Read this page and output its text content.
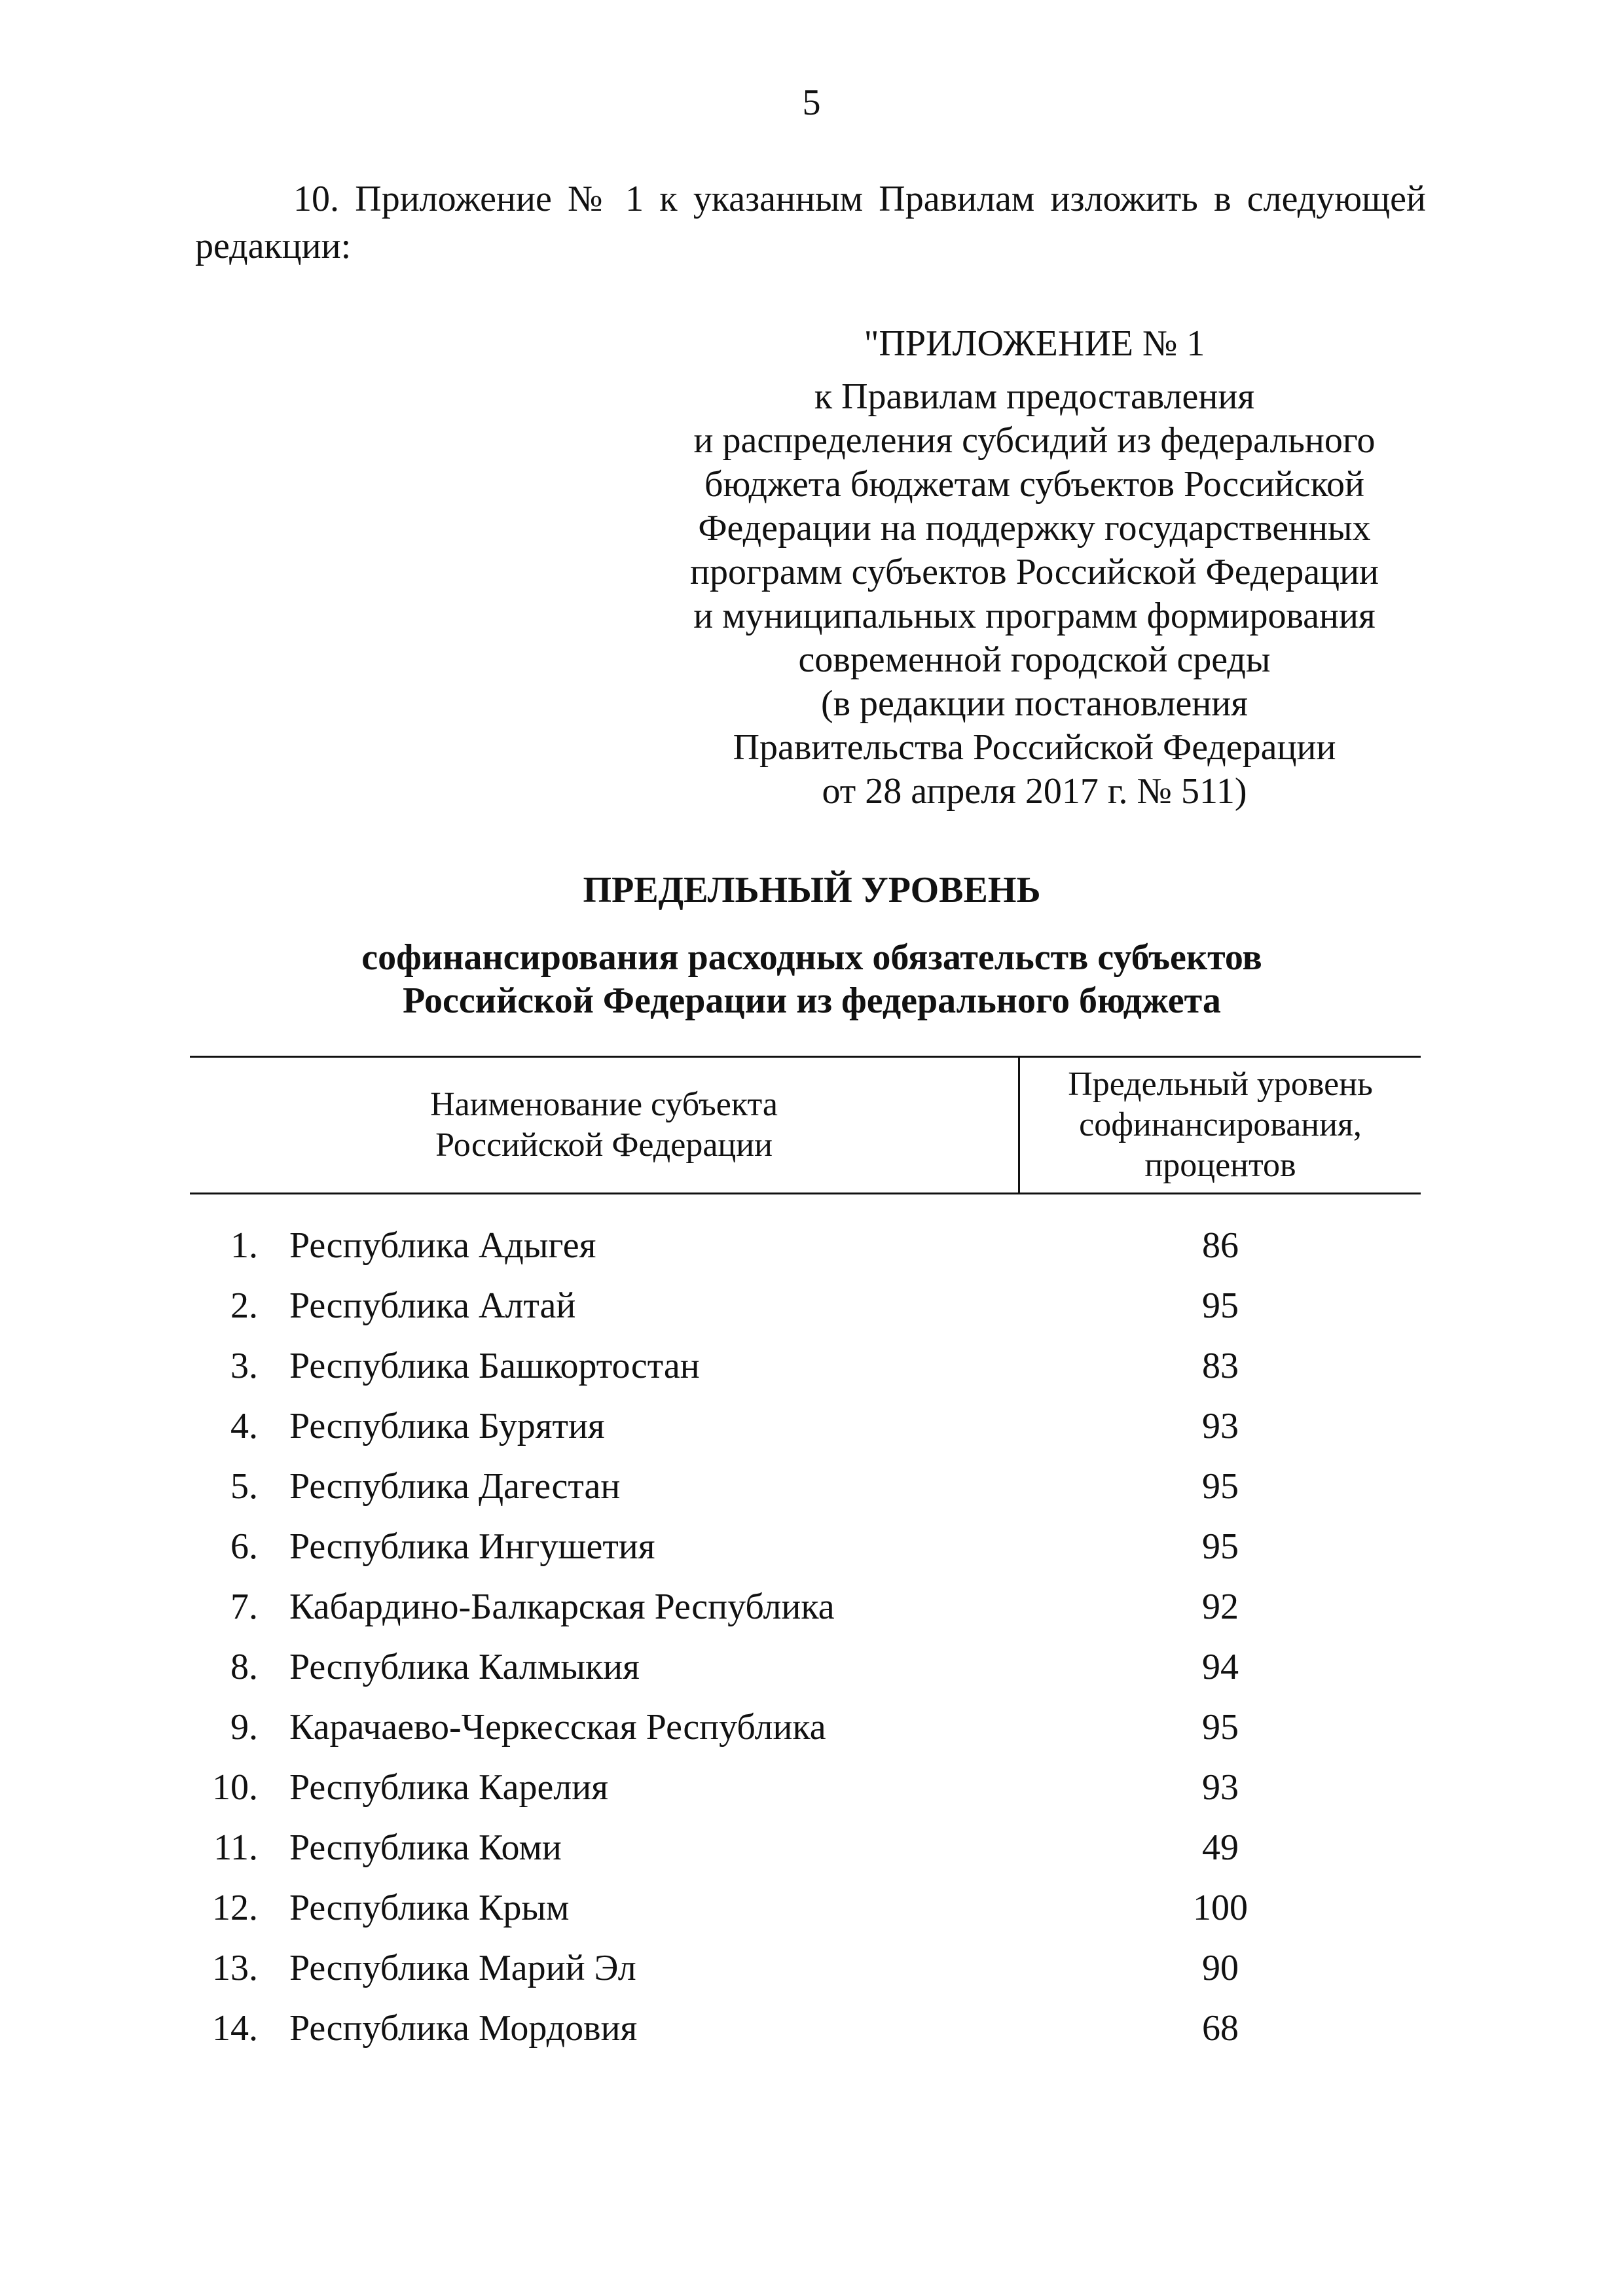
5
10. Приложение № 1 к указанным Правилам изложить в следующей
редакции:
"ПРИЛОЖЕНИЕ № 1
к Правилам предоставления
и распределения субсидий из федерального
бюджета бюджетам субъектов Российской
Федерации на поддержку государственных
программ субъектов Российской Федерации
и муниципальных программ формирования
современной городской среды
(в редакции постановления
Правительства Российской Федерации
от 28 апреля 2017 г. № 511)
ПРЕДЕЛЬНЫЙ УРОВЕНЬ
софинансирования расходных обязательств субъектов
Российской Федерации из федерального бюджета
Наименование субъекта
Российской Федерации
Предельный уровень
софинансирования,
процентов
1. Республика Адыгея	86
2. Республика Алтай	95
3. Республика Башкортостан	83
4. Республика Бурятия	93
5. Республика Дагестан	95
6. Республика Ингушетия	95
7. Кабардино-Балкарская Республика	92
8. Республика Калмыкия	94
9. Карачаево-Черкесская Республика	95
10. Республика Карелия	93
11. Республика Коми	49
12. Республика Крым	100
13. Республика Марий Эл	90
14. Республика Мордовия	68
